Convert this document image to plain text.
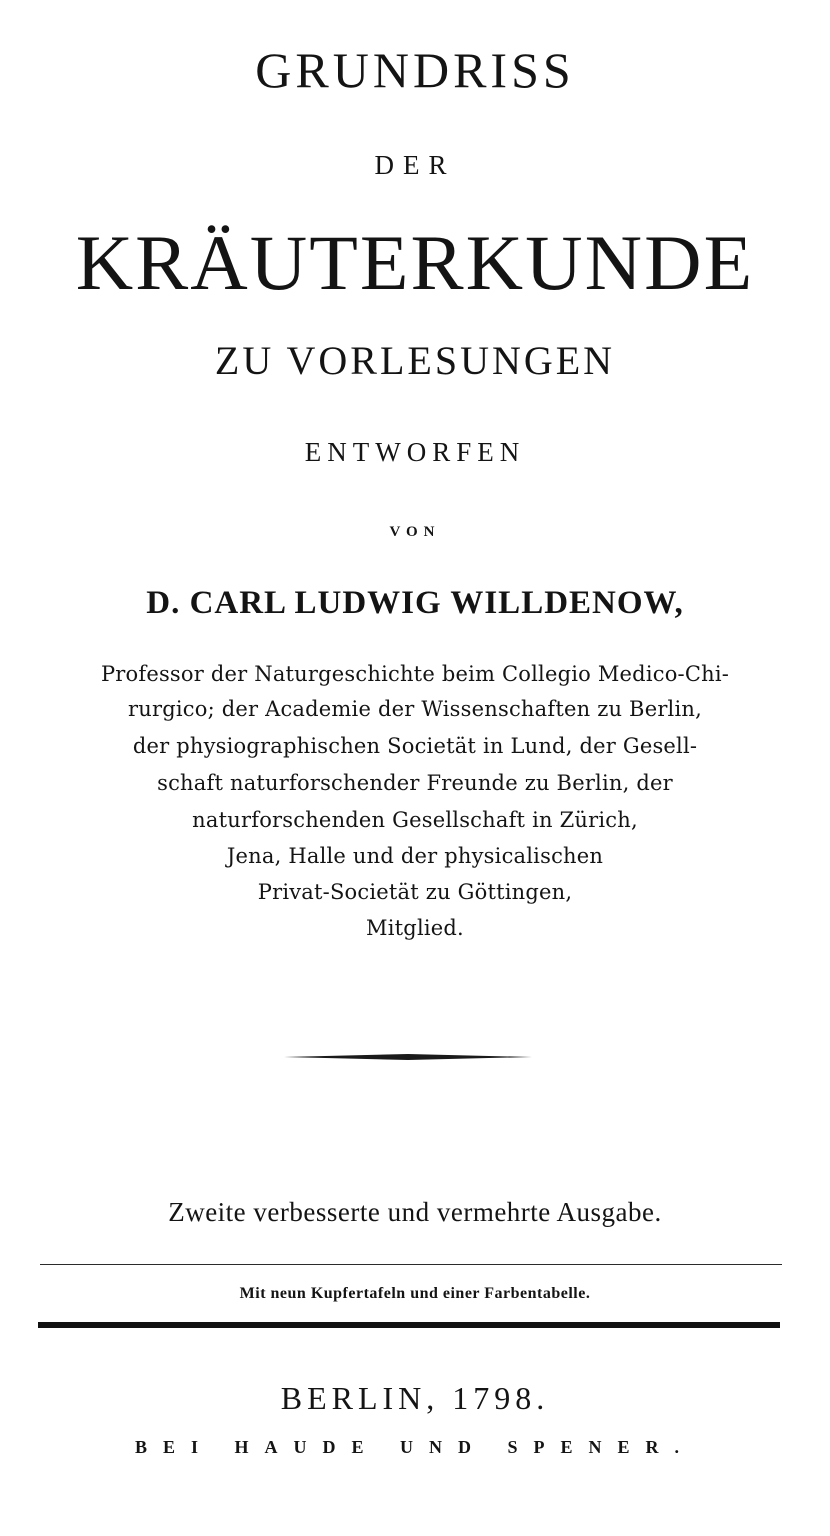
GRUNDRISS
DER
KRÄUTERKUNDE
ZU VORLESUNGEN
ENTWORFEN
VON
D. CARL LUDWIG WILLDENOW,
Professor der Naturgeschichte beim Collegio Medico-Chi-
rurgico; der Academie der Wissenschaften zu Berlin,
der physiographischen Societät in Lund, der Gesell-
schaft naturforschender Freunde zu Berlin, der
naturforschenden Gesellschaft in Zürich,
Jena, Halle und der physicalischen
Privat-Societät zu Göttingen,
Mitglied.
Zweite verbesserte und vermehrte Ausgabe.
Mit neun Kupfertafeln und einer Farbentabelle.
BERLIN, 1798.
BEI HAUDE UND SPENER.
